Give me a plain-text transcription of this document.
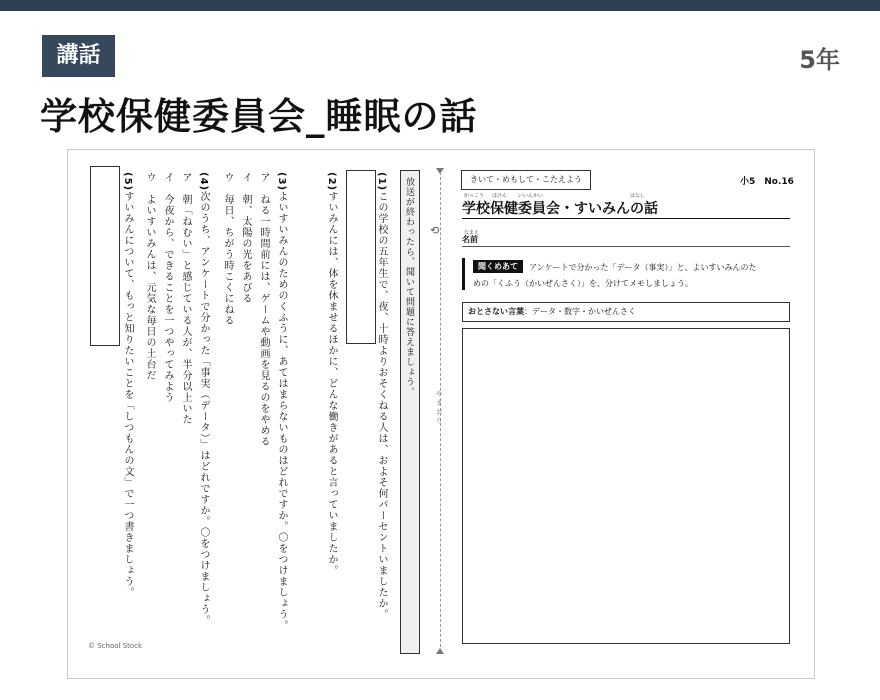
講話	5年
学校保健委員会_睡眠の話
(1)この学校の五年生で、夜、十時よりおそくねる人は、およそ何パーセントいましたか。
(2)すいみんには、体を休ませるほかに、どんな働きがあると言っていましたか。
(3)よいすいみんのためのくふうに、あてはまらないものはどれですか。〇をつけましょう。
ア　ねる一時間前には、ゲームや動画を見るのをやめる
イ　朝、太陽の光をあびる
ウ　毎日、ちがう時こくにねる
(4)次のうち、アンケートで分かった「事実（データ）」はどれですか。〇をつけましょう。
ア　朝「ねむい」と感じている人が、半分以上いた
イ　今夜から、できることを一つやってみよう
ウ　よいすいみんは、元気な毎日の土台だ
(5)すいみんについて、もっと知りたいことを「しつもんの文」で一つ書きましょう。
© School Stock
放送が終わったら、聞いて問題に答えましょう。 ⟲
やまおり
きいて・めもして・こたえよう	小5　No.16
がっこう ほけん いいんかい	はなし
学校保健委員会・すいみんの話
なまえ
名前
聞くめあて	アンケートで分かった「データ（事実）」と、よいすいみんのた
めの「くふう（かいぜんさく）」を、分けてメモしましょう。
おとさない言葉：データ・数字・かいぜんさく
